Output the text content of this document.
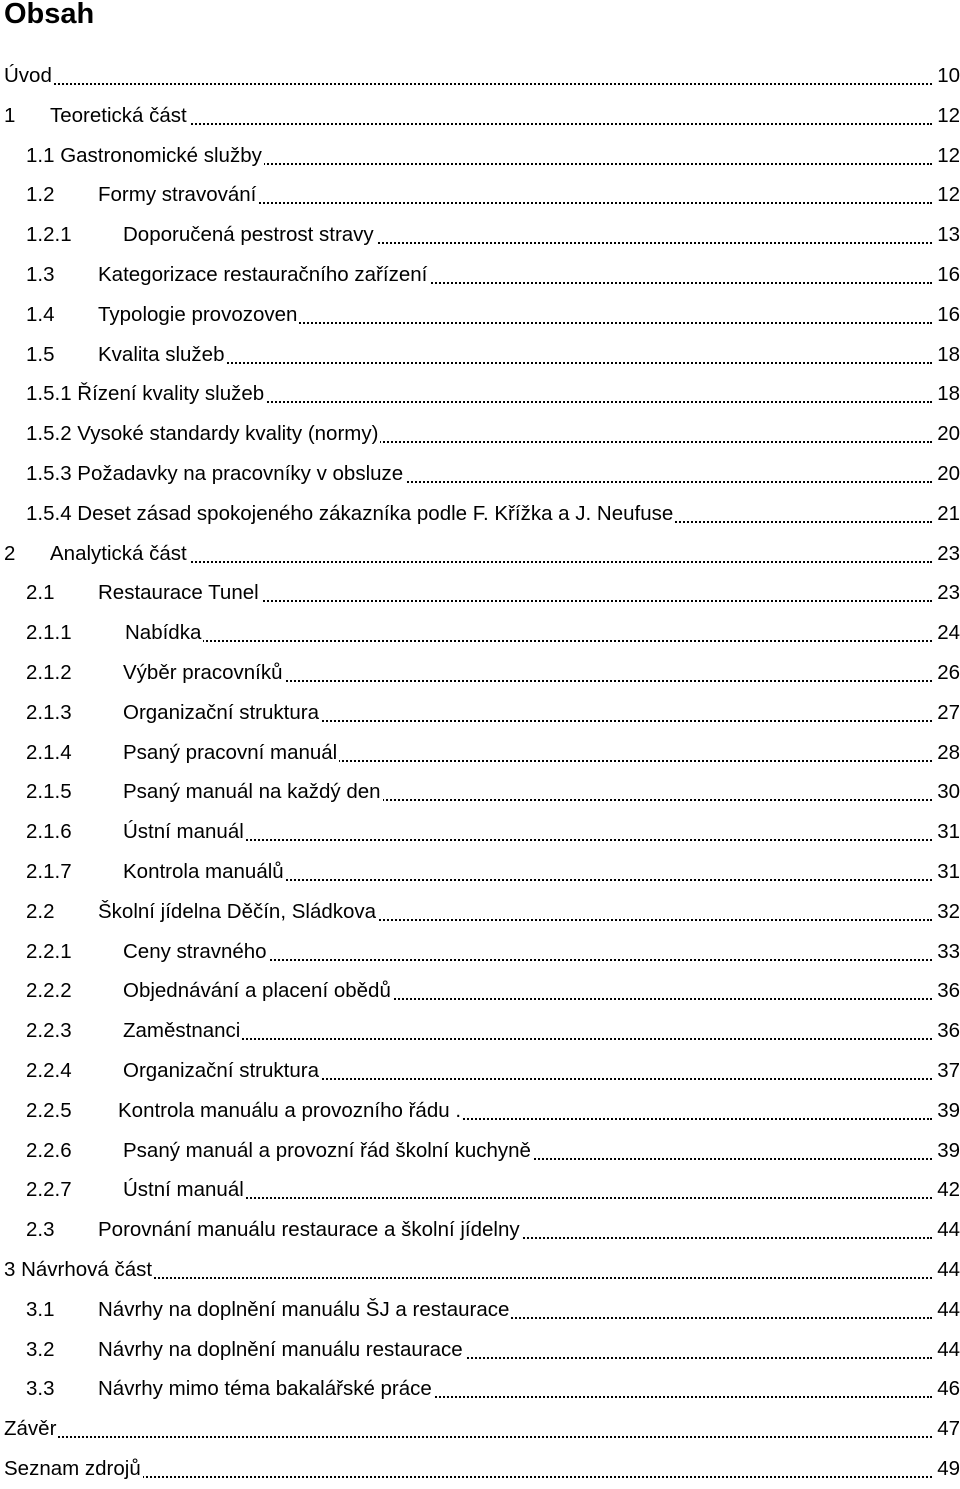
Obsah
Úvod	10
1 Teoretická část	12
1.1 Gastronomické služby	12
1.2 Formy stravování	12
1.2.1	Doporučená pestrost stravy	13
1.3 Kategorizace restauračního zařízení	16
1.4 Typologie provozoven	16
1.5 Kvalita služeb	18
1.5.1 Řízení kvality služeb	18
1.5.2 Vysoké standardy kvality (normy)	20
1.5.3 Požadavky na pracovníky v obsluze	20
1.5.4 Deset zásad spokojeného zákazníka podle F. Křížka a J. Neufuse	21
2 Analytická část	23
2.1 Restaurace Tunel	23
2.1.1	Nabídka	24
2.1.2	Výběr pracovníků	26
2.1.3	Organizační struktura	27
2.1.4	Psaný pracovní manuál	28
2.1.5	Psaný manuál na každý den	30
2.1.6	Ústní manuál	31
2.1.7	Kontrola manuálů	31
2.2 Školní jídelna Děčín, Sládkova	32
2.2.1	Ceny stravného	33
2.2.2	Objednávání a placení obědů	36
2.2.3	Zaměstnanci	36
2.2.4	Organizační struktura	37
2.2.5 Kontrola manuálu a provozního řádu .	39
2.2.6	Psaný manuál a provozní řád školní kuchyně	39
2.2.7	Ústní manuál	42
2.3 Porovnání manuálu restaurace a školní jídelny	44
3 Návrhová část	44
3.1 Návrhy na doplnění manuálu ŠJ a restaurace	44
3.2 Návrhy na doplnění manuálu restaurace	44
3.3 Návrhy mimo téma bakalářské práce	46
Závěr	47
Seznam zdrojů	49
